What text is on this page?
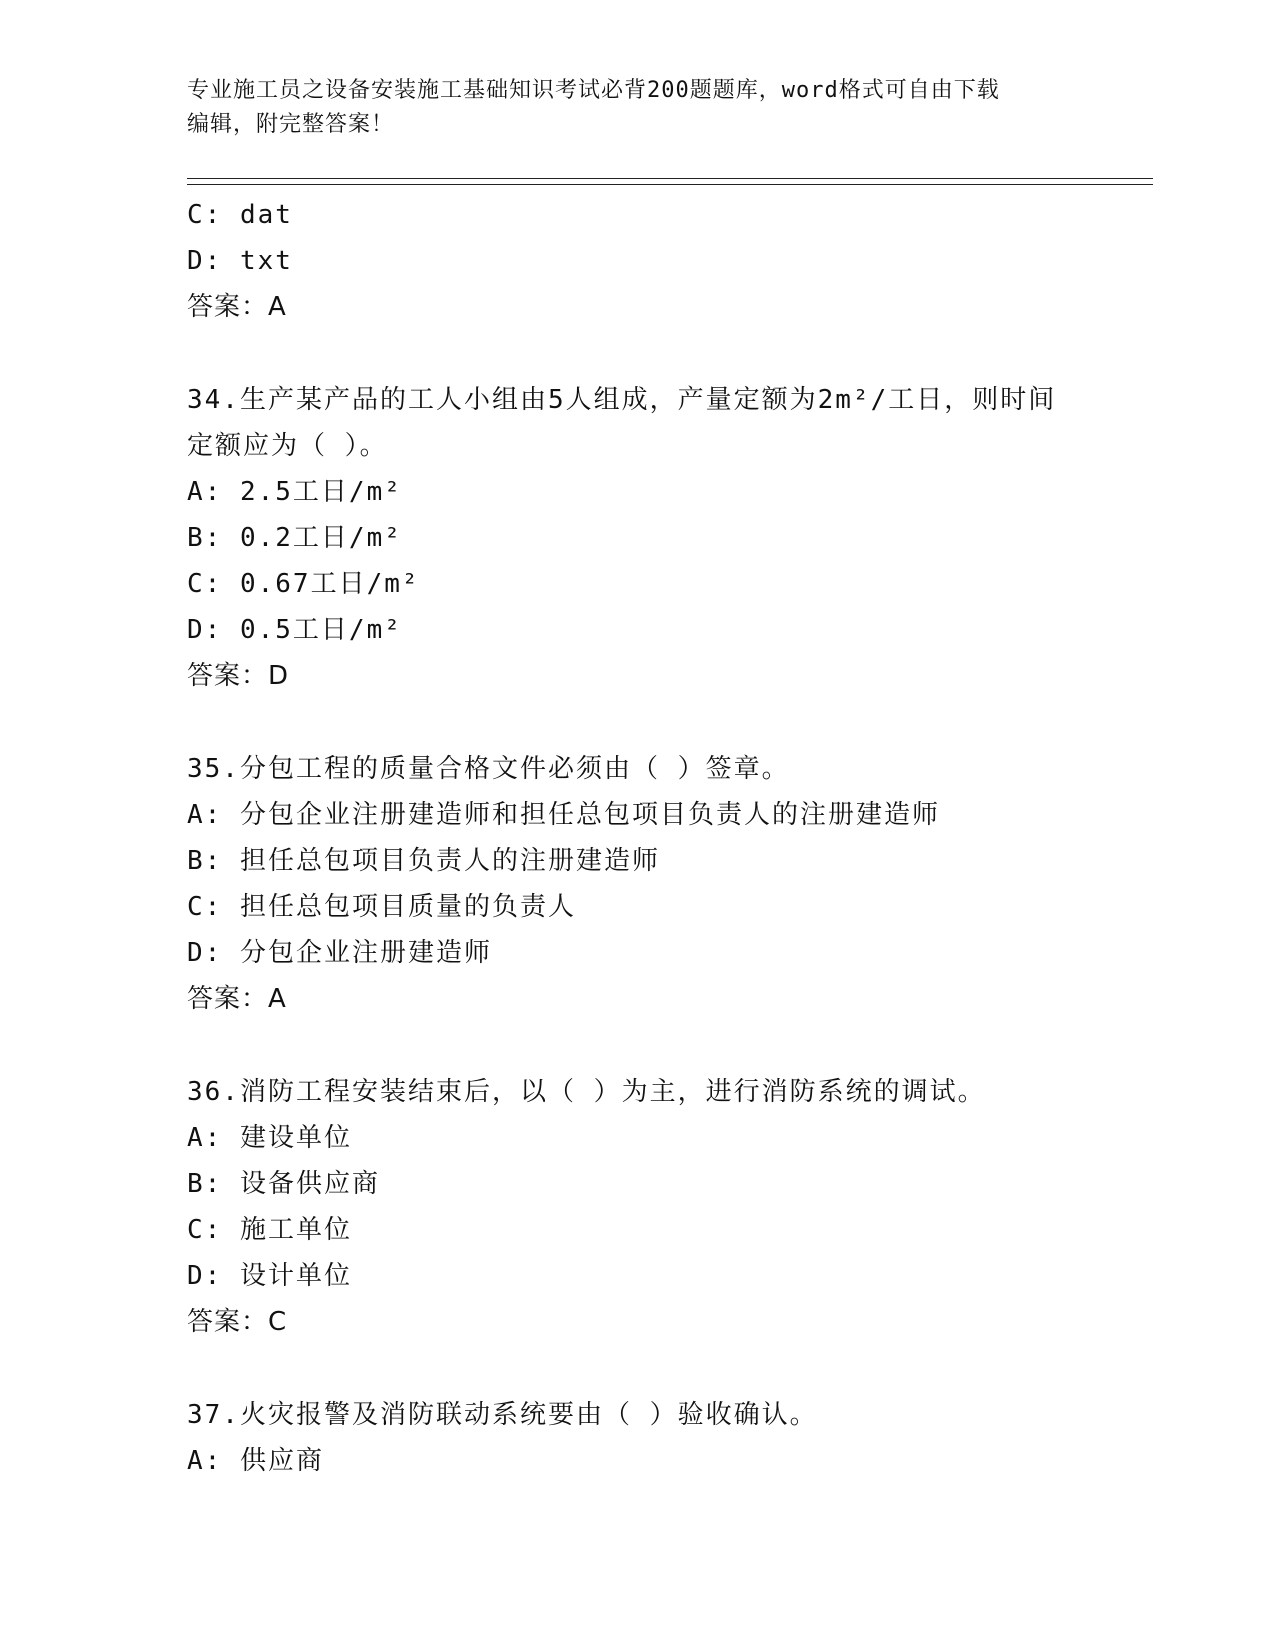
专业施工员之设备安装施工基础知识考试必背200题题库，word格式可自由下载
编辑，附完整答案！
C: dat
D: txt
答案：A
34.生产某产品的工人小组由5人组成，产量定额为2m²/工日，则时间
定额应为（ ）。
A: 2.5工日/m²
B: 0.2工日/m²
C: 0.67工日/m²
D: 0.5工日/m²
答案：D
35.分包工程的质量合格文件必须由（ ）签章。
A: 分包企业注册建造师和担任总包项目负责人的注册建造师
B: 担任总包项目负责人的注册建造师
C: 担任总包项目质量的负责人
D: 分包企业注册建造师
答案：A
36.消防工程安装结束后，以（ ）为主，进行消防系统的调试。
A: 建设单位
B: 设备供应商
C: 施工单位
D: 设计单位
答案：C
37.火灾报警及消防联动系统要由（ ）验收确认。
A: 供应商
